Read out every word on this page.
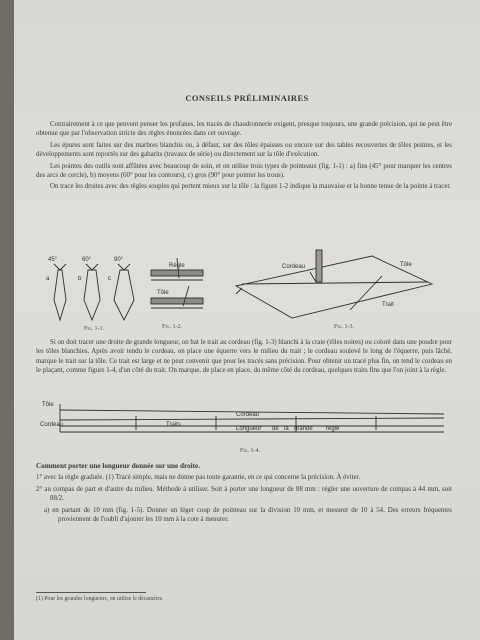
CONSEILS PRÉLIMINAIRES

Contrairement à ce que peuvent penser les profanes, les tracés de chaudronnerie exigent, presque toujours, une grande précision, qui ne peut être obtenue que par l'observation stricte des règles énoncées dans cet ouvrage.

Les épures sont faites sur des marbres blanchis ou, à défaut, sur des tôles épaisses ou encore sur des tables recouvertes de tôles peintes, et les développements sont reportés sur des gabarits (travaux de série) ou directement sur la tôle d'exécution.

Les pointes des outils sont affûtées avec beaucoup de soin, et on utilise trois types de pointeaux (fig. 1-1) : a) fins (45° pour marquer les centres des arcs de cercle), b) moyens (60° pour les contours), c) gros (90° pour pointer les trous).

On trace les droites avec des règles souples qui portent mieux sur la tôle : la figure 1-2 indique la mauvaise et la bonne tenue de la pointe à tracer.

45°	60°	90°
a	b	c
Fig. 1-1.
Règle
Tôle
Fig. 1-2.
Cordeau	Tôle
Trait
Fig. 1-3.

Si on doit tracer une droite de grande longueur, on bat le trait au cordeau (fig. 1-3) blanchi à la craie (tôles noires) ou coloré dans une poudre pour les tôles blanchies. Après avoir tendu le cordeau, on place une équerre vers le milieu du trait ; le cordeau soulevé le long de l'équerre, puis lâché, marque le trait sur la tôle. Ce trait est large et ne peut convenir que pour les tracés sans précision. Pour obtenir un tracé plus fin, on tend le cordeau en le plaçant, comme figure 1-4, d'un côté du trait. On marque, de place en place, du même côté du cordeau, quelques traits fins que l'on joint à la règle.

Tôle
Cordeau
Cordeau
Traits
Longueur de la grande règle
Fig. 1-4.

Comment porter une longueur donnée sur une droite.

1° avec la règle graduée. (1) Tracé simple, mais ne donne pas toute garantie, en ce qui concerne la précision. À éviter.
2° au compas de part et d'autre du milieu. Méthode à utiliser. Soit à porter une longueur de 88 mm : régler une ouverture de compas à 44 mm, soit 88/2.
a) en partant de 10 mm (fig. 1-5). Donner un léger coup de pointeau sur la division 10 mm, et mesurer de 10 à 54. Des erreurs fréquentes proviennent de l'oubli d'ajouter les 10 mm à la cote à mesurer.
(1) Pour les grandes longueurs, on utilise le décamètre.
